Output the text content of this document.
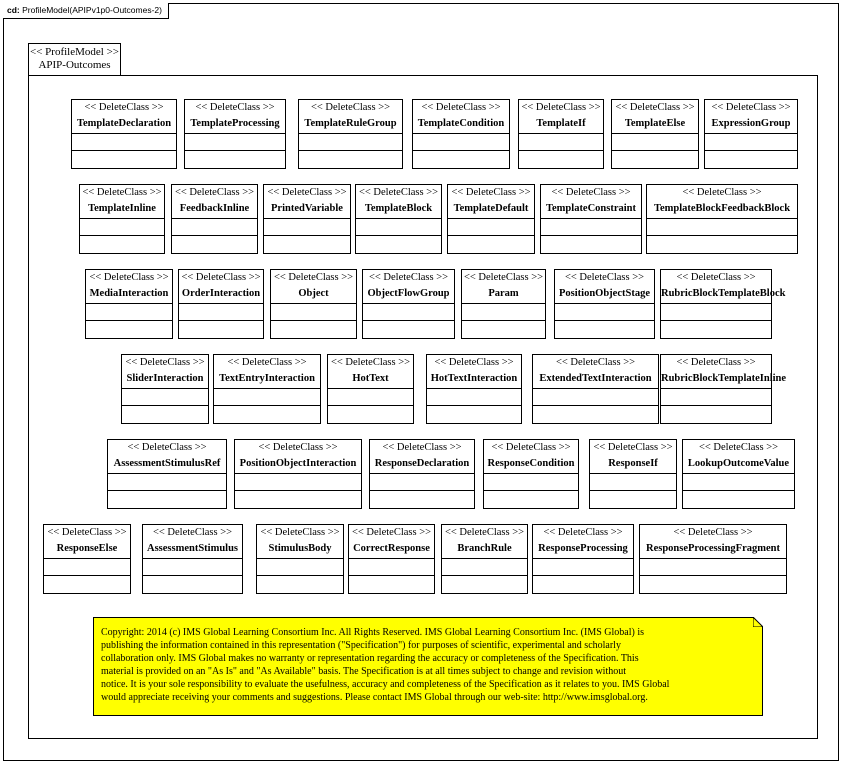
cd: ProfileModel(APIPv1p0-Outcomes-2)
<< ProfileModel >>
APIP-Outcomes
<< DeleteClass >>
TemplateDeclaration
<< DeleteClass >>
TemplateProcessing
<< DeleteClass >>
TemplateRuleGroup
<< DeleteClass >>
TemplateCondition
<< DeleteClass >>
TemplateIf
<< DeleteClass >>
TemplateElse
<< DeleteClass >>
ExpressionGroup
<< DeleteClass >>
TemplateInline
<< DeleteClass >>
FeedbackInline
<< DeleteClass >>
PrintedVariable
<< DeleteClass >>
TemplateBlock
<< DeleteClass >>
TemplateDefault
<< DeleteClass >>
TemplateConstraint
<< DeleteClass >>
TemplateBlockFeedbackBlock
<< DeleteClass >>
MediaInteraction
<< DeleteClass >>
OrderInteraction
<< DeleteClass >>
Object
<< DeleteClass >>
ObjectFlowGroup
<< DeleteClass >>
Param
<< DeleteClass >>
PositionObjectStage
<< DeleteClass >>
RubricBlockTemplateBlock
<< DeleteClass >>
SliderInteraction
<< DeleteClass >>
TextEntryInteraction
<< DeleteClass >>
HotText
<< DeleteClass >>
HotTextInteraction
<< DeleteClass >>
ExtendedTextInteraction
<< DeleteClass >>
RubricBlockTemplateInline
<< DeleteClass >>
AssessmentStimulusRef
<< DeleteClass >>
PositionObjectInteraction
<< DeleteClass >>
ResponseDeclaration
<< DeleteClass >>
ResponseCondition
<< DeleteClass >>
ResponseIf
<< DeleteClass >>
LookupOutcomeValue
<< DeleteClass >>
ResponseElse
<< DeleteClass >>
AssessmentStimulus
<< DeleteClass >>
StimulusBody
<< DeleteClass >>
CorrectResponse
<< DeleteClass >>
BranchRule
<< DeleteClass >>
ResponseProcessing
<< DeleteClass >>
ResponseProcessingFragment
Copyright: 2014 (c) IMS Global Learning Consortium Inc. All Rights Reserved. IMS Global Learning Consortium Inc. (IMS Global) is
publishing the information contained in this representation ("Specification") for purposes of scientific, experimental and scholarly
collaboration only. IMS Global makes no warranty or representation regarding the accuracy or completeness of the Specification. This
material is provided on an "As Is" and "As Available" basis. The Specification is at all times subject to change and revision without
notice. It is your sole responsibility to evaluate the usefulness, accuracy and completeness of the Specification as it relates to you. IMS Global
would appreciate receiving your comments and suggestions. Please contact IMS Global through our web-site: http://www.imsglobal.org.
